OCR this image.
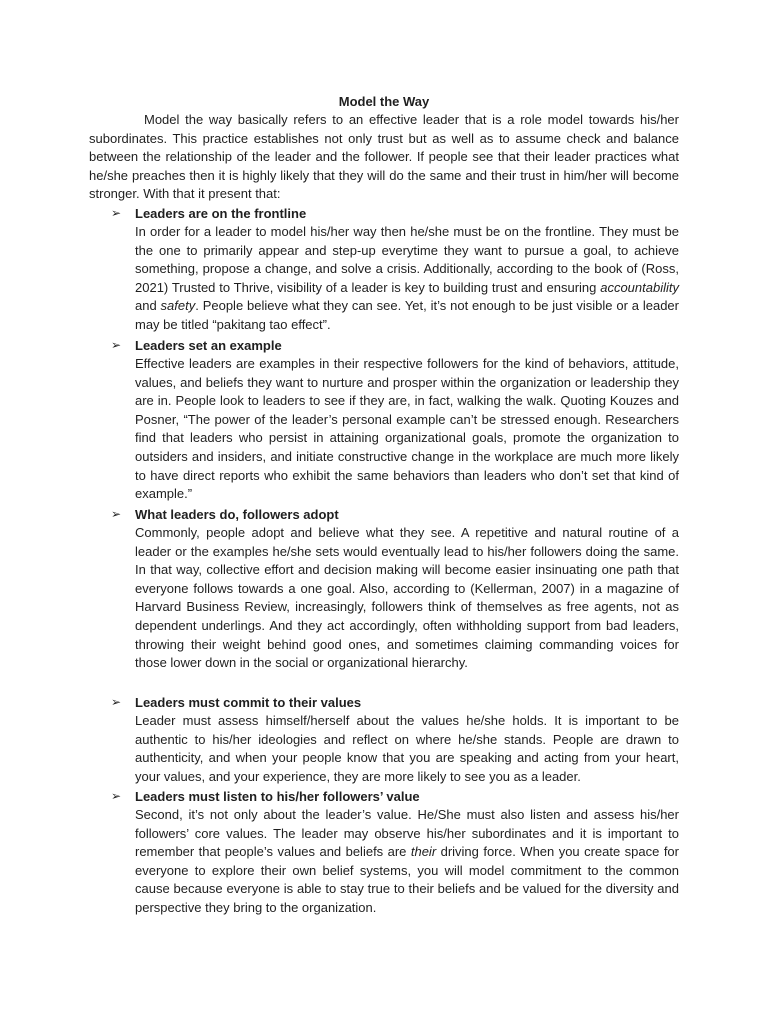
Model the Way

Model the way basically refers to an effective leader that is a role model towards his/her subordinates. This practice establishes not only trust but as well as to assume check and balance between the relationship of the leader and the follower. If people see that their leader practices what he/she preaches then it is highly likely that they will do the same and their trust in him/her will become stronger. With that it present that:

➢	Leaders are on the frontline

In order for a leader to model his/her way then he/she must be on the frontline. They must be the one to primarily appear and step-up everytime they want to pursue a goal, to achieve something, propose a change, and solve a crisis. Additionally, according to the book of (Ross, 2021) Trusted to Thrive, visibility of a leader is key to building trust and ensuring accountability and safety. People believe what they can see. Yet, it’s not enough to be just visible or a leader may be titled “pakitang tao effect”.

➢	Leaders set an example

Effective leaders are examples in their respective followers for the kind of behaviors, attitude, values, and beliefs they want to nurture and prosper within the organization or leadership they are in. People look to leaders to see if they are, in fact, walking the walk. Quoting Kouzes and Posner, “The power of the leader’s personal example can’t be stressed enough. Researchers find that leaders who persist in attaining organizational goals, promote the organization to outsiders and insiders, and initiate constructive change in the workplace are much more likely to have direct reports who exhibit the same behaviors than leaders who don’t set that kind of example.”

➢	What leaders do, followers adopt

Commonly, people adopt and believe what they see. A repetitive and natural routine of a leader or the examples he/she sets would eventually lead to his/her followers doing the same. In that way, collective effort and decision making will become easier insinuating one path that everyone follows towards a one goal. Also, according to (Kellerman, 2007) in a magazine of Harvard Business Review, increasingly, followers think of themselves as free agents, not as dependent underlings. And they act accordingly, often withholding support from bad leaders, throwing their weight behind good ones, and sometimes claiming commanding voices for those lower down in the social or organizational hierarchy.

➢	Leaders must commit to their values

Leader must assess himself/herself about the values he/she holds. It is important to be authentic to his/her ideologies and reflect on where he/she stands. People are drawn to authenticity, and when your people know that you are speaking and acting from your heart, your values, and your experience, they are more likely to see you as a leader.

➢	Leaders must listen to his/her followers’ value

Second, it’s not only about the leader’s value. He/She must also listen and assess his/her followers’ core values. The leader may observe his/her subordinates and it is important to remember that people’s values and beliefs are their driving force. When you create space for everyone to explore their own belief systems, you will model commitment to the common cause because everyone is able to stay true to their beliefs and be valued for the diversity and perspective they bring to the organization.
